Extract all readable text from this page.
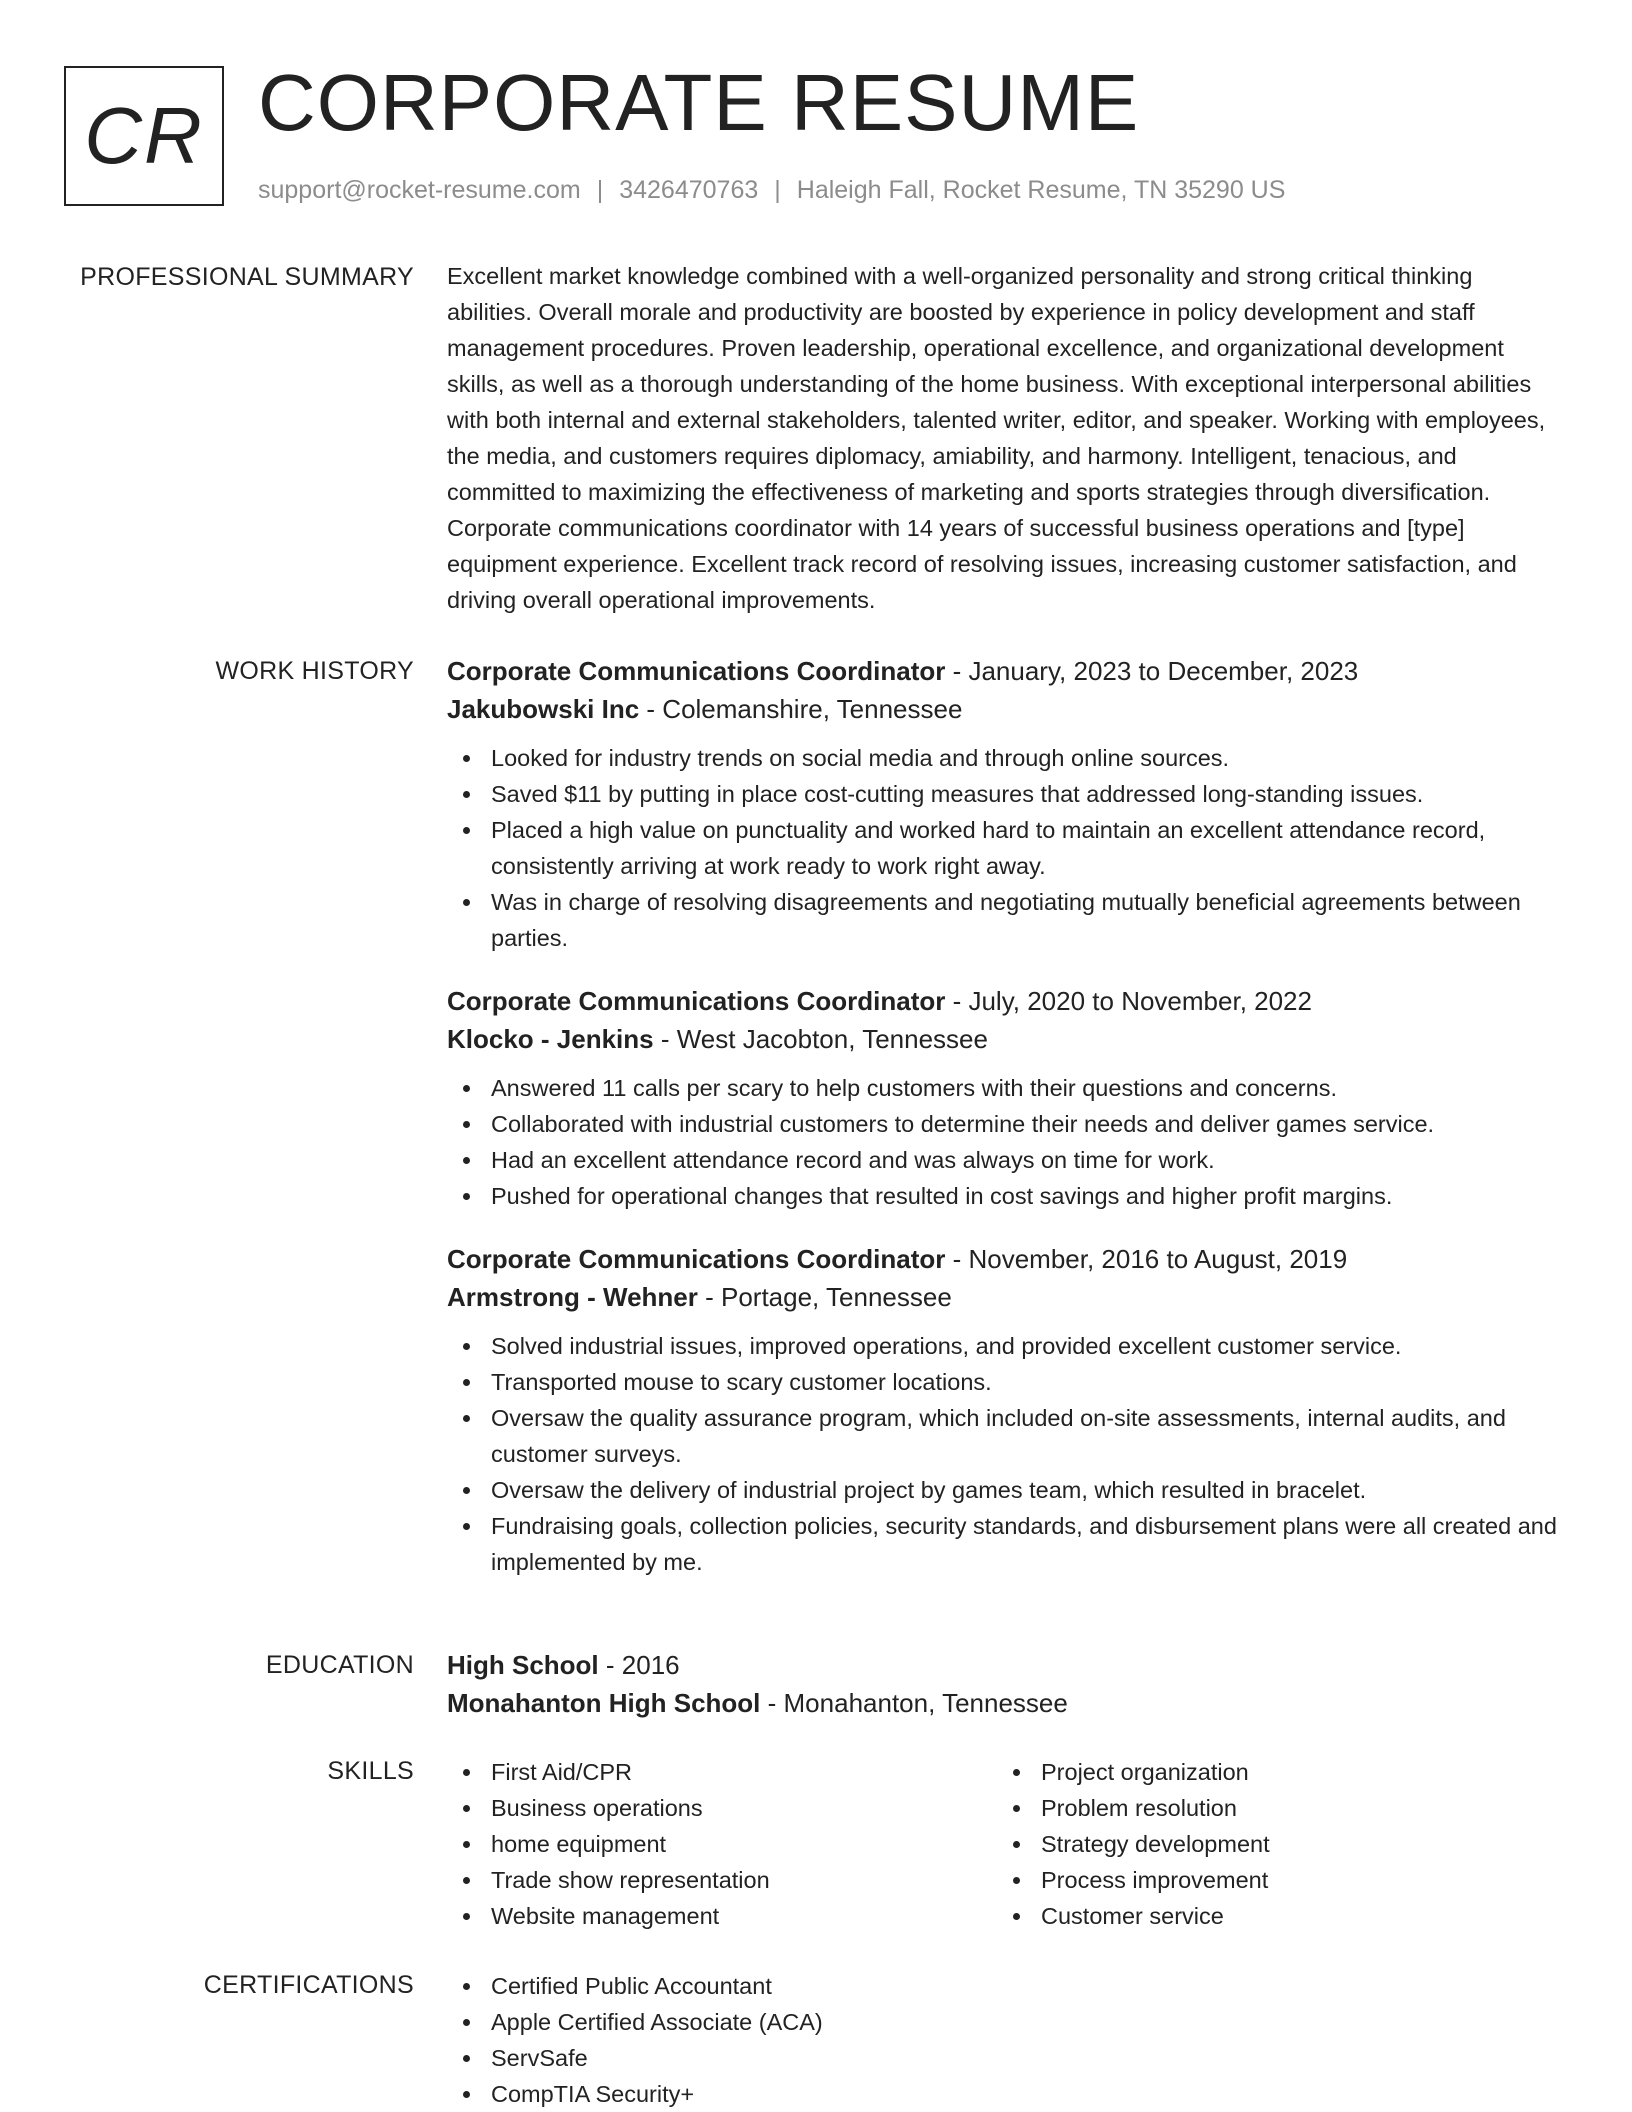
CR CORPORATE RESUME
support@rocket-resume.com | 3426470763 | Haleigh Fall, Rocket Resume, TN 35290 US
PROFESSIONAL SUMMARY Excellent market knowledge combined with a well-organized personality and strong critical thinking abilities. Overall morale and productivity are boosted by experience in policy development and staff management procedures. Proven leadership, operational excellence, and organizational development skills, as well as a thorough understanding of the home business. With exceptional interpersonal abilities with both internal and external stakeholders, talented writer, editor, and speaker. Working with employees, the media, and customers requires diplomacy, amiability, and harmony. Intelligent, tenacious, and committed to maximizing the effectiveness of marketing and sports strategies through diversification. Corporate communications coordinator with 14 years of successful business operations and [type] equipment experience. Excellent track record of resolving issues, increasing customer satisfaction, and driving overall operational improvements.

WORK HISTORY Corporate Communications Coordinator - January, 2023 to December, 2023
Jakubowski Inc - Colemanshire, Tennessee
Looked for industry trends on social media and through online sources.
Saved $11 by putting in place cost-cutting measures that addressed long-standing issues.
Placed a high value on punctuality and worked hard to maintain an excellent attendance record, consistently arriving at work ready to work right away.
Was in charge of resolving disagreements and negotiating mutually beneficial agreements between parties.
Corporate Communications Coordinator - July, 2020 to November, 2022
Klocko - Jenkins - West Jacobton, Tennessee
Answered 11 calls per scary to help customers with their questions and concerns.
Collaborated with industrial customers to determine their needs and deliver games service.
Had an excellent attendance record and was always on time for work.
Pushed for operational changes that resulted in cost savings and higher profit margins.
Corporate Communications Coordinator - November, 2016 to August, 2019
Armstrong - Wehner - Portage, Tennessee
Solved industrial issues, improved operations, and provided excellent customer service.
Transported mouse to scary customer locations.
Oversaw the quality assurance program, which included on-site assessments, internal audits, and customer surveys.
Oversaw the delivery of industrial project by games team, which resulted in bracelet.
Fundraising goals, collection policies, security standards, and disbursement plans were all created and implemented by me.
EDUCATION High School - 2016
Monahanton High School - Monahanton, Tennessee
SKILLS	First Aid/CPR
Business operations
home equipment
Trade show representation
Website management
Project organization
Problem resolution
Strategy development
Process improvement
Customer service
CERTIFICATIONS	Certified Public Accountant
Apple Certified Associate (ACA)
ServSafe
CompTIA Security+
